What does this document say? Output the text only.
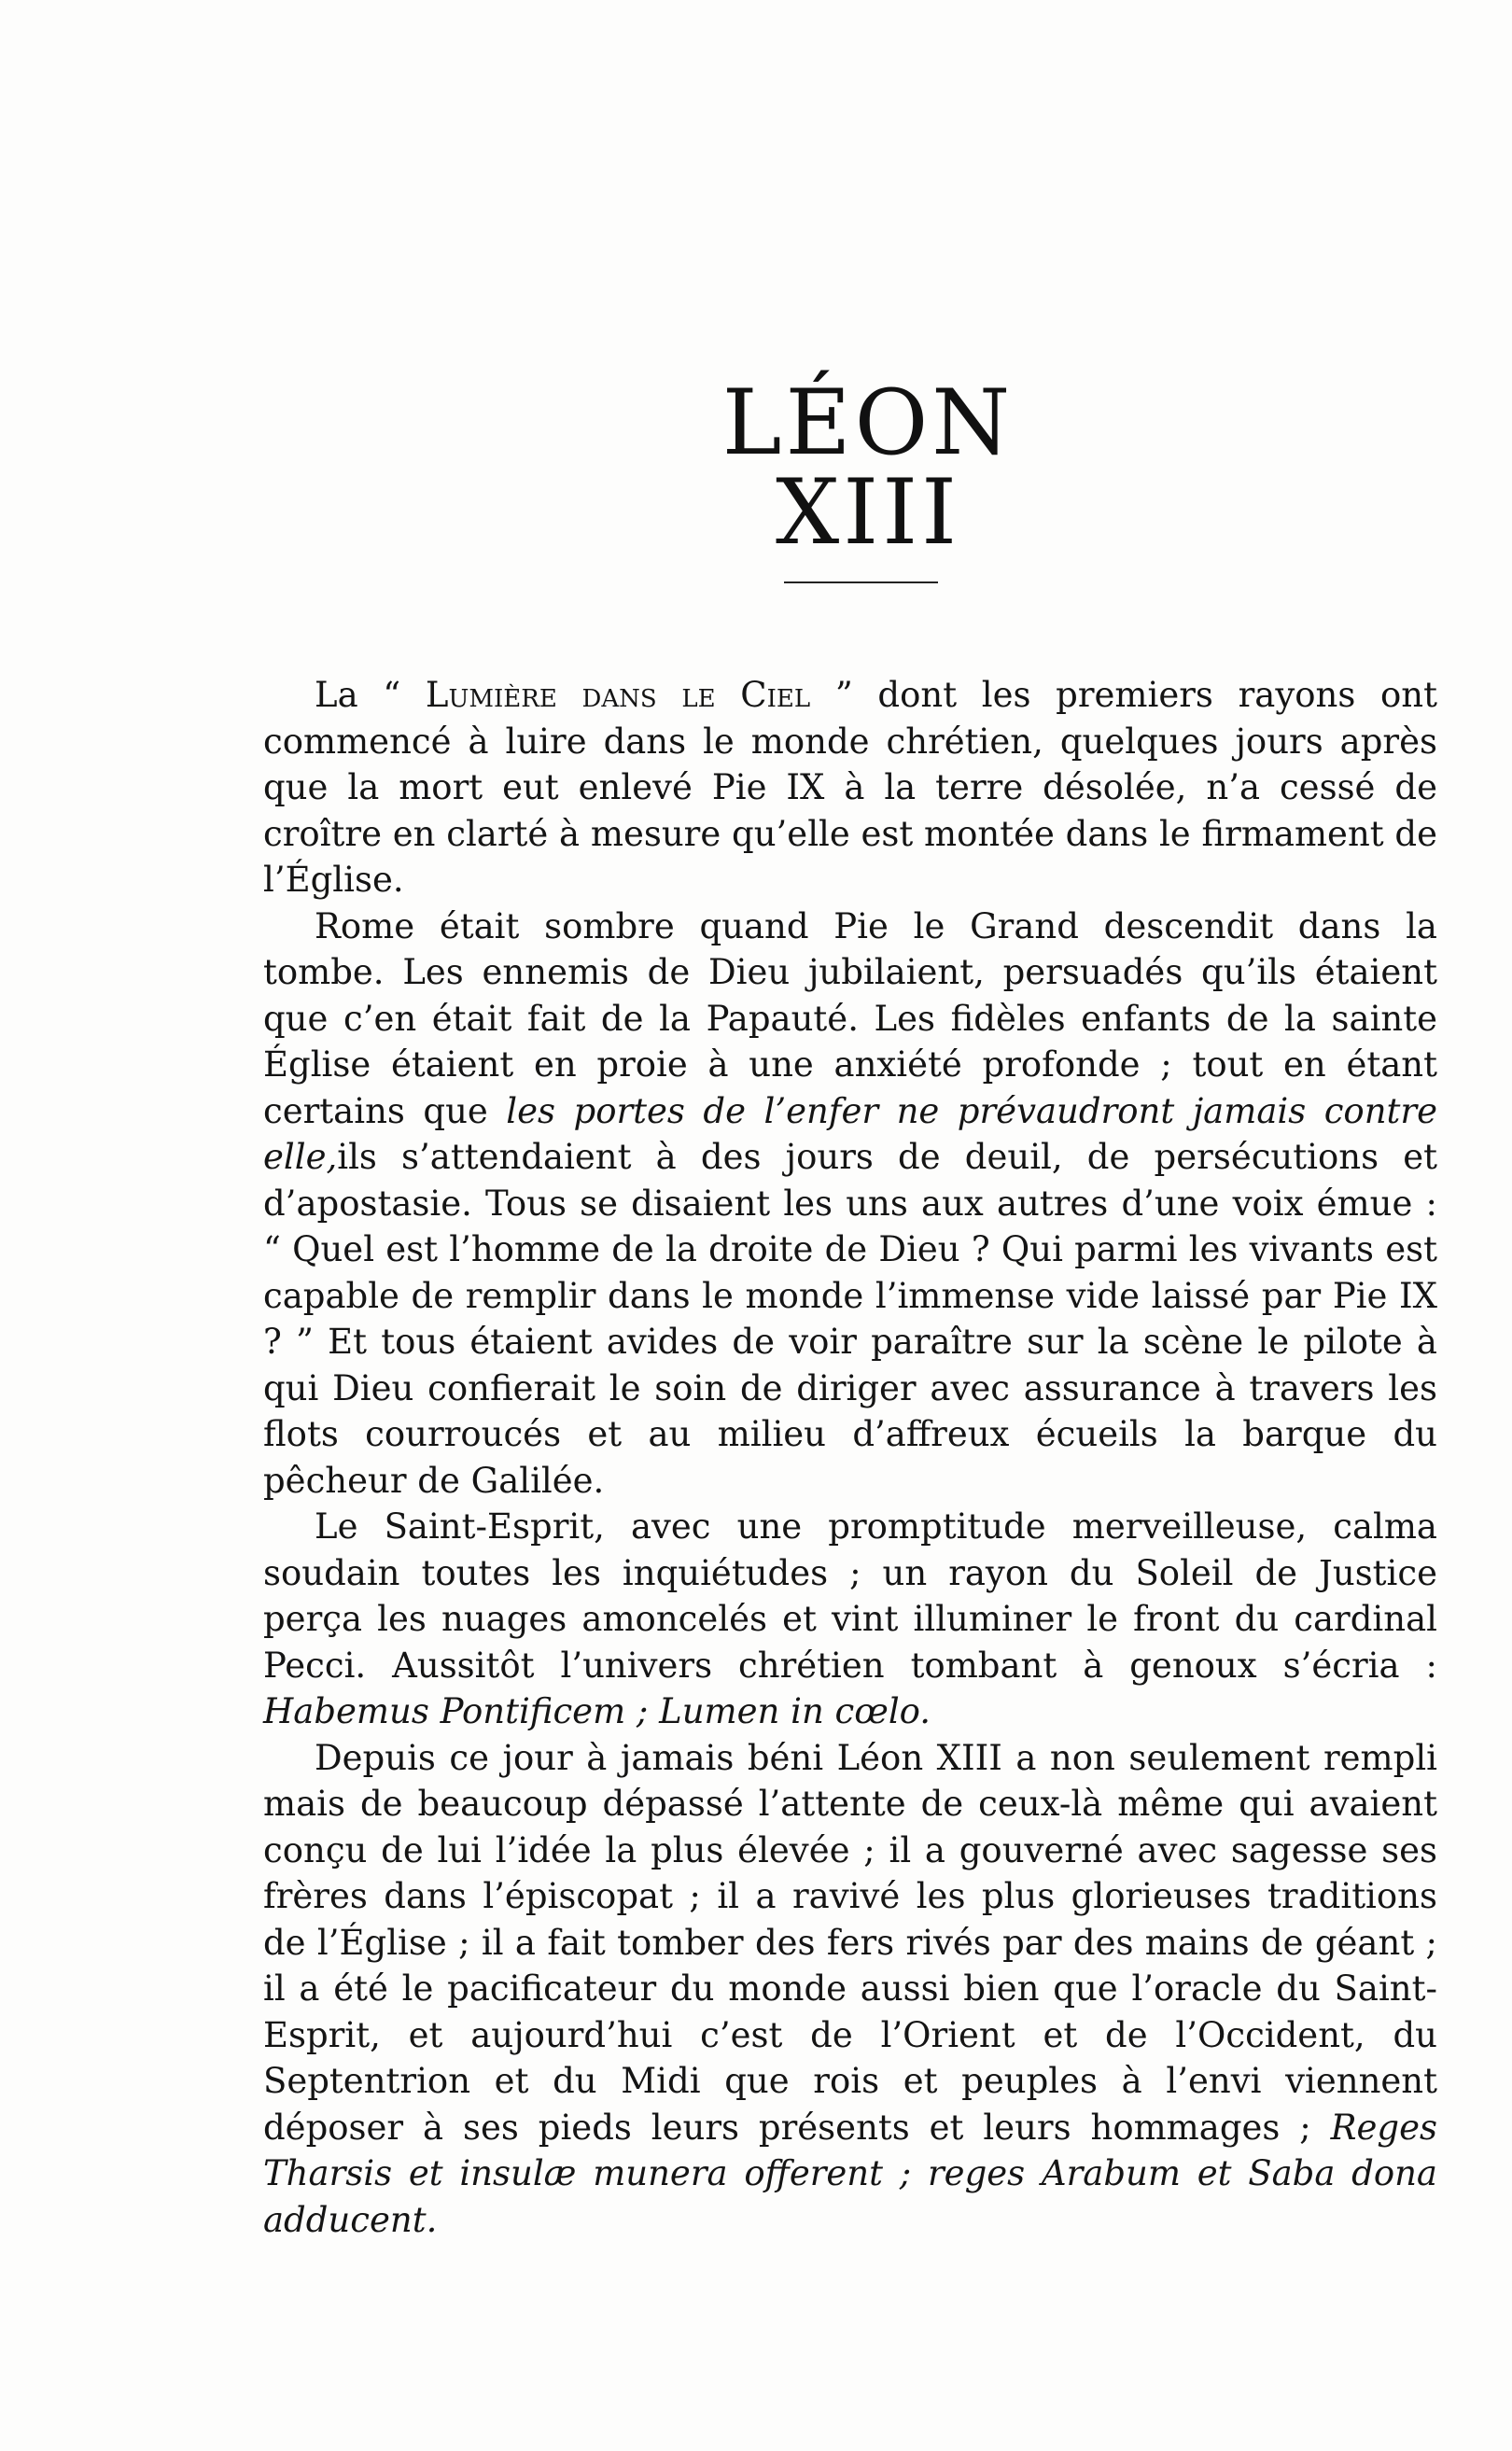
LÉON XIII

La “ Lumière dans le Ciel ” dont les premiers rayons ont commencé à luire dans le monde chrétien, quelques jours après que la mort eut enlevé Pie IX à la terre désolée, n’a cessé de croître en clarté à mesure qu’elle est montée dans le firmament de l’Église.

Rome était sombre quand Pie le Grand descendit dans la tombe. Les ennemis de Dieu jubilaient, persuadés qu’ils étaient que c’en était fait de la Papauté. Les fidèles enfants de la sainte Église étaient en proie à une anxiété profonde ; tout en étant certains que les portes de l’enfer ne prévaudront jamais contre elle,ils s’attendaient à des jours de deuil, de persécutions et d’apostasie. Tous se disaient les uns aux autres d’une voix émue : “ Quel est l’homme de la droite de Dieu ? Qui parmi les vivants est capable de remplir dans le monde l’immense vide laissé par Pie IX ? ” Et tous étaient avides de voir paraître sur la scène le pilote à qui Dieu confierait le soin de diriger avec assurance à travers les flots courroucés et au milieu d’affreux écueils la barque du pêcheur de Galilée.

Le Saint-Esprit, avec une promptitude merveilleuse, calma soudain toutes les inquiétudes ; un rayon du Soleil de Justice perça les nuages amoncelés et vint illuminer le front du cardinal Pecci. Aussitôt l’univers chrétien tombant à genoux s’écria : Habemus Pontificem ; Lumen in cœlo.

Depuis ce jour à jamais béni Léon XIII a non seulement rempli mais de beaucoup dépassé l’attente de ceux-là même qui avaient conçu de lui l’idée la plus élevée ; il a gouverné avec sagesse ses frères dans l’épiscopat ; il a ravivé les plus glorieuses traditions de l’Église ; il a fait tomber des fers rivés par des mains de géant ; il a été le pacificateur du monde aussi bien que l’oracle du Saint-Esprit, et aujourd’hui c’est de l’Orient et de l’Occident, du Septentrion et du Midi que rois et peuples à l’envi viennent déposer à ses pieds leurs présents et leurs hommages ; Reges Tharsis et insulæ munera offerent ; reges Arabum et Saba dona adducent.
